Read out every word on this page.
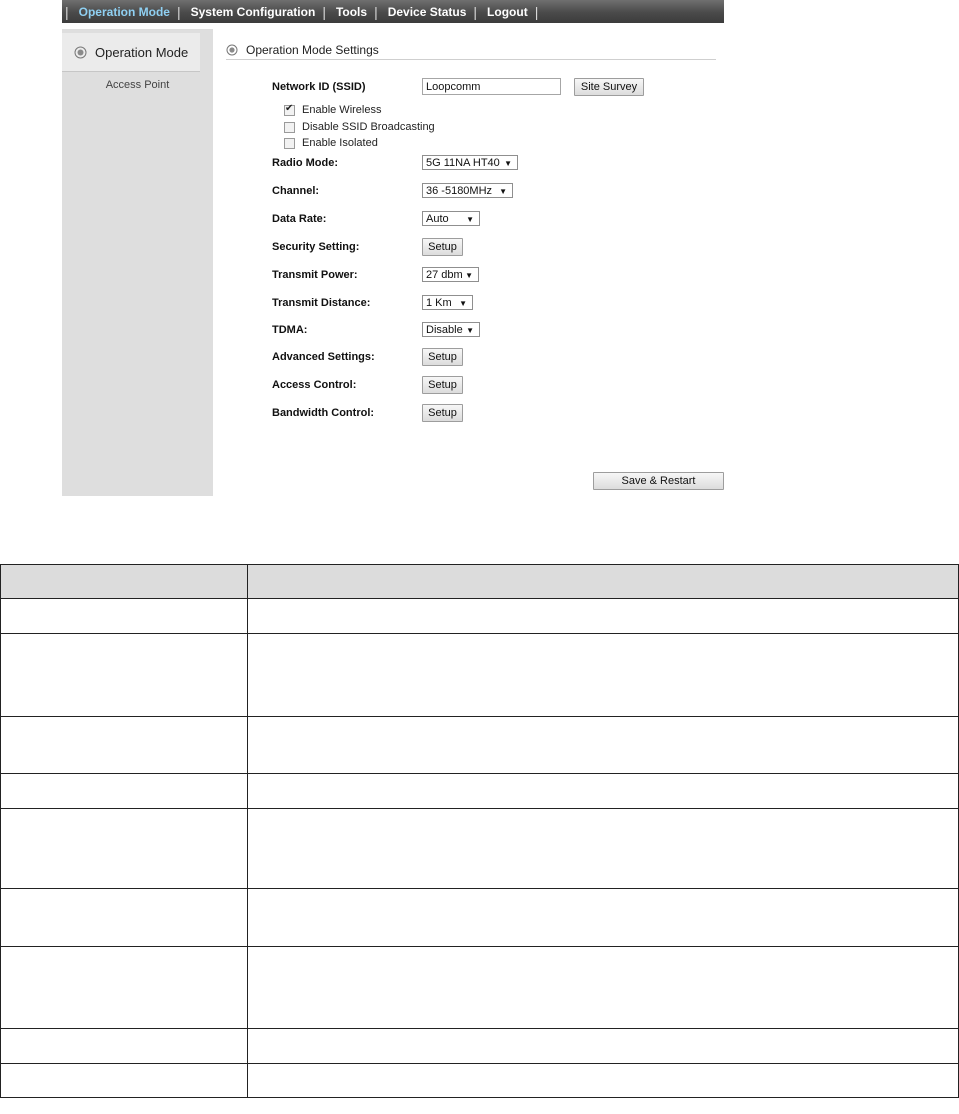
| Operation Mode | System Configuration | Tools | Device Status | Logout |
Operation Mode
Access Point
Operation Mode Settings
Network ID (SSID)	Loopcomm	Site Survey
✔
Enable Wireless
Disable SSID Broadcasting
Enable Isolated
Radio Mode:	5G 11NA HT40 ▼
Channel:	36 -5180MHz ▼
Data Rate:	Auto ▼
Security Setting:	Setup
Transmit Power:	27 dbm ▼
Transmit Distance:	1 Km ▼
TDMA:	Disable ▼
Advanced Settings:	Setup
Access Control:	Setup
Bandwidth Control:	Setup
Save & Restart
